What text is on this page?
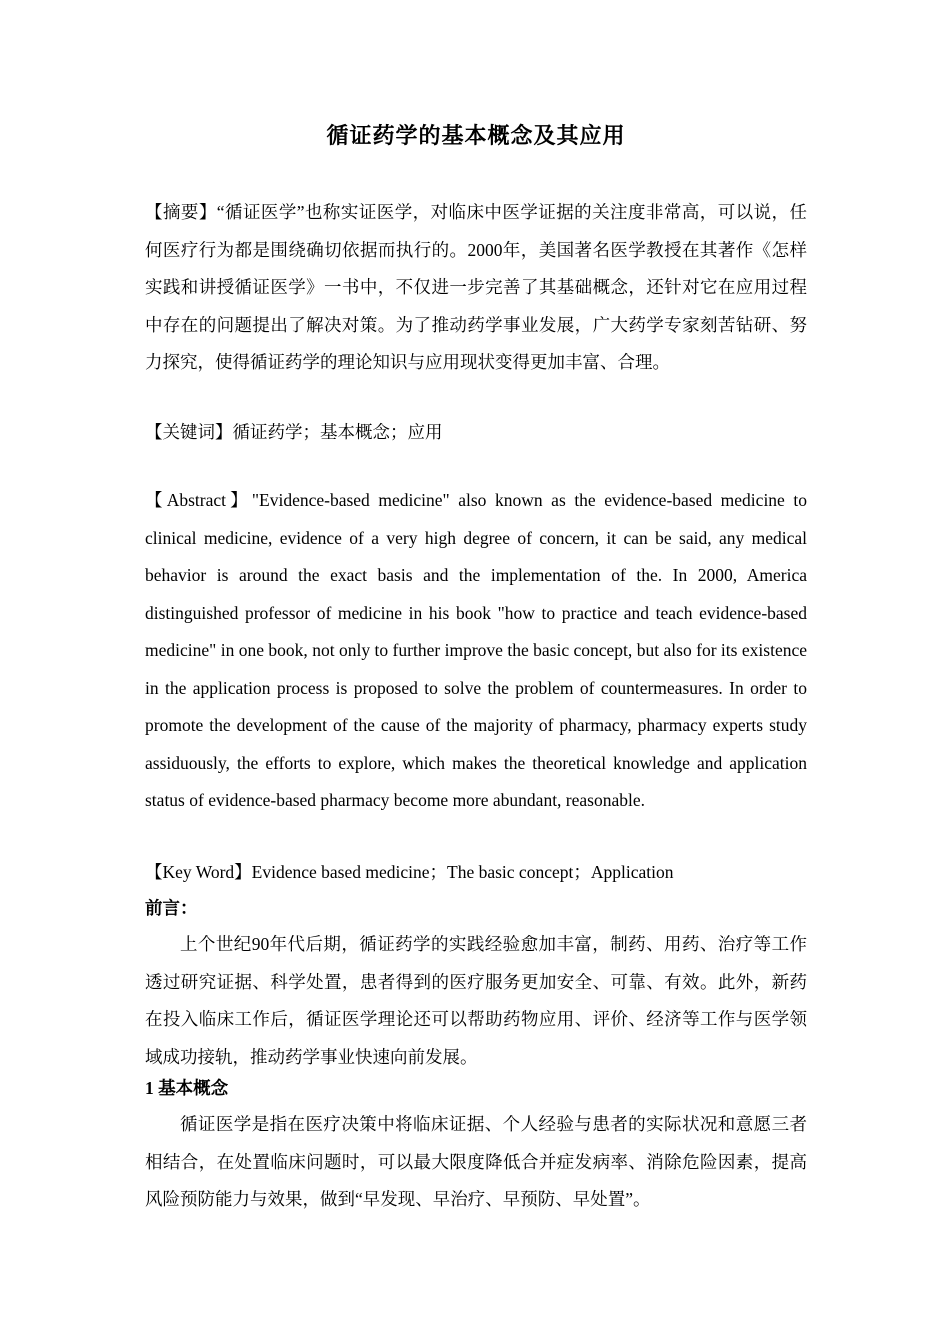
循证药学的基本概念及其应用
【摘要】“循证医学”也称实证医学，对临床中医学证据的关注度非常高，可以说，任何医疗行为都是围绕确切依据而执行的。2000年，美国著名医学教授在其著作《怎样实践和讲授循证医学》一书中，不仅进一步完善了其基础概念，还针对它在应用过程中存在的问题提出了解决对策。为了推动药学事业发展，广大药学专家刻苦钻研、努力探究，使得循证药学的理论知识与应用现状变得更加丰富、合理。
【关键词】循证药学；基本概念；应用
【Abstract】"Evidence-based medicine" also known as the evidence-based medicine to clinical medicine, evidence of a very high degree of concern, it can be said, any medical behavior is around the exact basis and the implementation of the. In 2000, America distinguished professor of medicine in his book "how to practice and teach evidence-based medicine" in one book, not only to further improve the basic concept, but also for its existence in the application process is proposed to solve the problem of countermeasures. In order to promote the development of the cause of the majority of pharmacy, pharmacy experts study assiduously, the efforts to explore, which makes the theoretical knowledge and application status of evidence-based pharmacy become more abundant, reasonable.
【Key Word】Evidence based medicine；The basic concept；Application
前言：
上个世纪90年代后期，循证药学的实践经验愈加丰富，制药、用药、治疗等工作透过研究证据、科学处置，患者得到的医疗服务更加安全、可靠、有效。此外，新药在投入临床工作后，循证医学理论还可以帮助药物应用、评价、经济等工作与医学领域成功接轨，推动药学事业快速向前发展。
1 基本概念
循证医学是指在医疗决策中将临床证据、个人经验与患者的实际状况和意愿三者相结合，在处置临床问题时，可以最大限度降低合并症发病率、消除危险因素，提高风险预防能力与效果，做到“早发现、早治疗、早预防、早处置”。
